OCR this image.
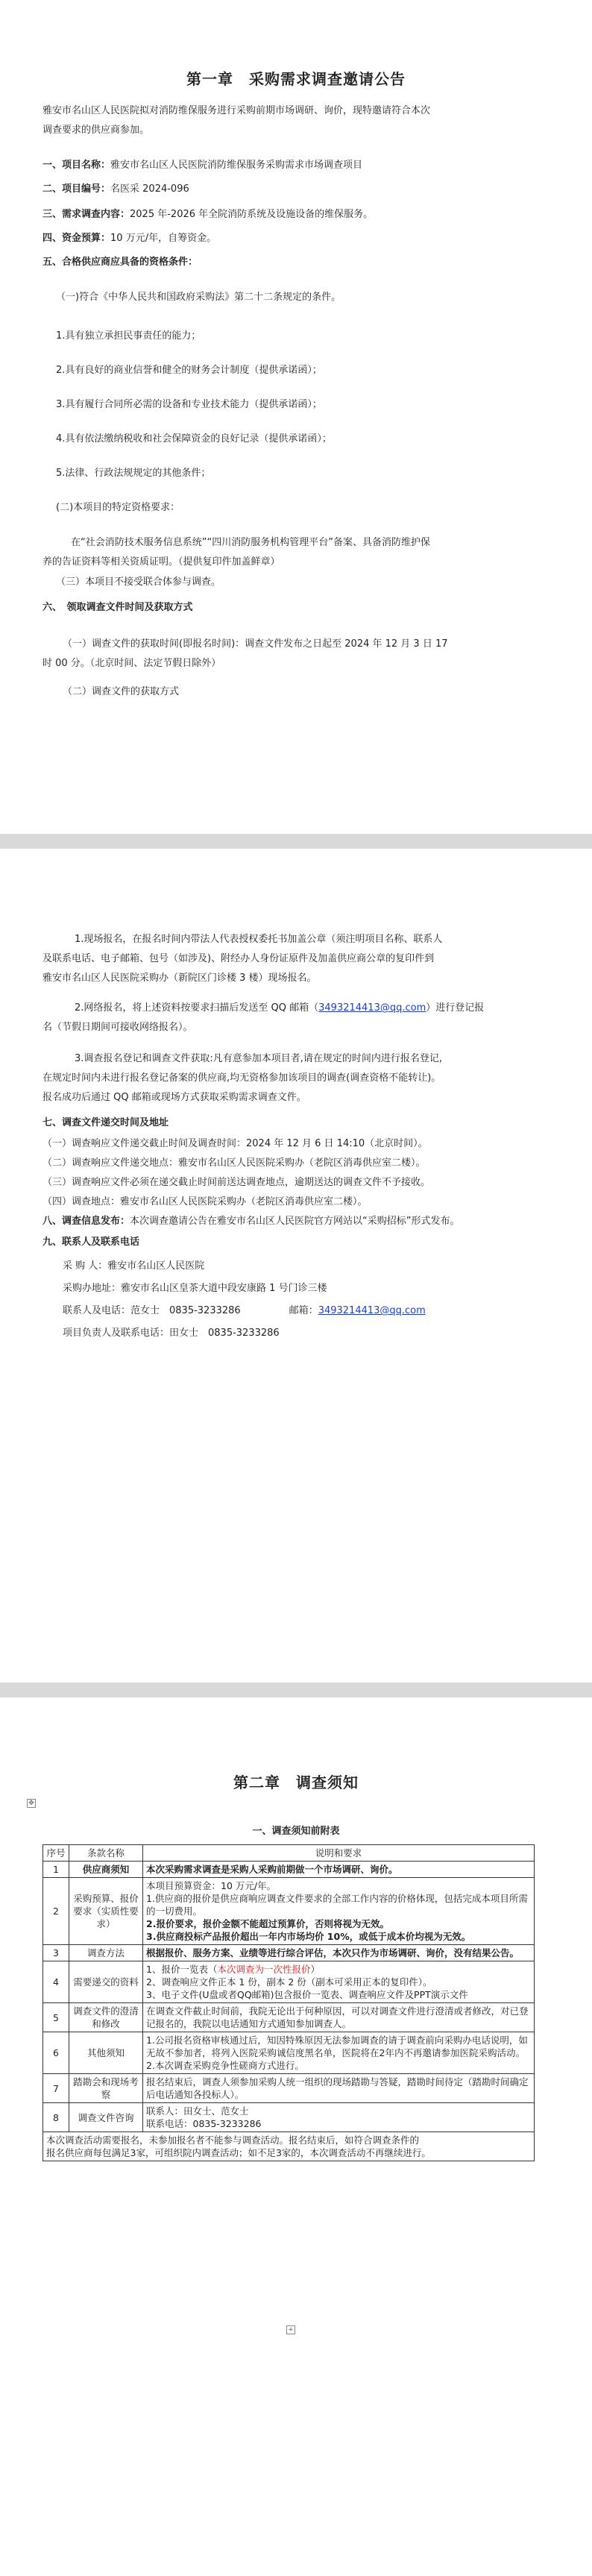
第一章　采购需求调查邀请公告
雅安市名山区人民医院拟对消防维保服务进行采购前期市场调研、询价，现特邀请符合本次
调查要求的供应商参加。
一、项目名称：雅安市名山区人民医院消防维保服务采购需求市场调查项目
二、项目编号：名医采 2024-096
三、需求调查内容：2025 年-2026 年全院消防系统及设施设备的维保服务。
四、资金预算：10 万元/年，自筹资金。
五、合格供应商应具备的资格条件：
（一)符合《中华人民共和国政府采购法》第二十二条规定的条件。
1.具有独立承担民事责任的能力；
2.具有良好的商业信誉和健全的财务会计制度（提供承诺函）；
3.具有履行合同所必需的设备和专业技术能力（提供承诺函）；
4.具有依法缴纳税收和社会保障资金的良好记录（提供承诺函）；
5.法律、行政法规规定的其他条件；
(二)本项目的特定资格要求：
在“社会消防技术服务信息系统”“四川消防服务机构管理平台”备案、具备消防维护保
养的告证资料等相关资质证明。（提供复印件加盖鲜章）
（三）本项目不接受联合体参与调查。
六、　领取调查文件时间及获取方式
（一）调查文件的获取时间(即报名时间)：调查文件发布之日起至 2024 年 12 月 3 日 17
时 00 分。（北京时间、法定节假日除外）
（二）调查文件的获取方式
1.现场报名，在报名时间内带法人代表授权委托书加盖公章（须注明项目名称、联系人
及联系电话、电子邮箱、包号（如涉及)、附经办人身份证原件及加盖供应商公章的复印件到
雅安市名山区人民医院采购办（新院区门诊楼 3 楼）现场报名。
2.网络报名，将上述资料按要求扫描后发送至 QQ 邮箱（3493214413@qq.com）进行登记报
名（节假日期间可接收网络报名）。
3.调查报名登记和调查文件获取:凡有意参加本项目者,请在规定的时间内进行报名登记,
在规定时间内未进行报名登记备案的供应商,均无资格参加该项目的调查(调查资格不能转让)。
报名成功后通过 QQ 邮箱或现场方式获取采购需求调查文件。
七、调查文件递交时间及地址
（一）调查响应文件递交截止时间及调查时间：2024 年 12 月 6 日 14:10（北京时间）。
（二）调查响应文件递交地点：雅安市名山区人民医院采购办（老院区消毒供应室二楼）。
（三）调查响应文件必须在递交截止时间前送达调查地点，逾期送达的调查文件不予接收。
（四）调查地点：雅安市名山区人民医院采购办（老院区消毒供应室二楼）。
八、调查信息发布：本次调查邀请公告在雅安市名山区人民医院官方网站以“采购招标”形式发布。
九、联系人及联系电话
采 购 人：雅安市名山区人民医院
采购办地址：雅安市名山区皇茶大道中段安康路 1 号门诊三楼
联系人及电话：范女士　0835-3233286　　　　　邮箱：3493214413@qq.com
项目负责人及联系电话：田女士　0835-3233286
第二章　调查须知
✥
一、调查须知前附表
序号	条款名称	说明和要求
1	供应商须知	本次采购需求调查是采购人采购前期做一个市场调研、询价。
2	采购预算、报价要求（实质性要求）	本项目预算资金：10 万元/年。
1.供应商的报价是供应商响应调查文件要求的全部工作内容的价格体现，包括完成本项目所需的一切费用。
2.报价要求，报价金额不能超过预算价，否则将视为无效。
3.供应商投标产品报价超出一年内市场均价 10%，或低于成本价均视为无效。

3	调查方法	根据报价、服务方案、业绩等进行综合评估，本次只作为市场调研、询价，没有结果公告。
4	需要递交的资料	1、报价一览表（本次调查为一次性报价）
2、调查响应文件正本 1 份，副本 2 份（副本可采用正本的复印件）。
3、电子文件(U盘或者QQ邮箱)包含报价一览表、调查响应文件及PPT演示文件

5	调查文件的澄清和修改	在调查文件截止时间前，我院无论出于何种原因，可以对调查文件进行澄清或者修改，对已登记报名的，我院以电话通知方式通知参加调查人。
6	其他须知	1.公司报名资格审核通过后，知因特殊原因无法参加调查的请于调查前向采购办电话说明，如无故不参加者，将列入医院采购诚信度黑名单，医院将在2年内不再邀请参加医院采购活动。
2.本次调查采购竞争性磋商方式进行。

7	踏勘会和现场考察	报名结束后，调查人须参加采购人统一组织的现场踏勘与答疑，踏勘时间待定（踏勘时间确定后电话通知各投标人）。
8	调查文件咨询	联系人：田女士、范女士
联系电话：0835-3233286

本次调查活动需要报名，未参加报名者不能参与调查活动。报名结束后，如符合调查条件的
报名供应商每包满足3家，可组织院内调查活动；如不足3家的，本次调查活动不再继续进行。		
+
